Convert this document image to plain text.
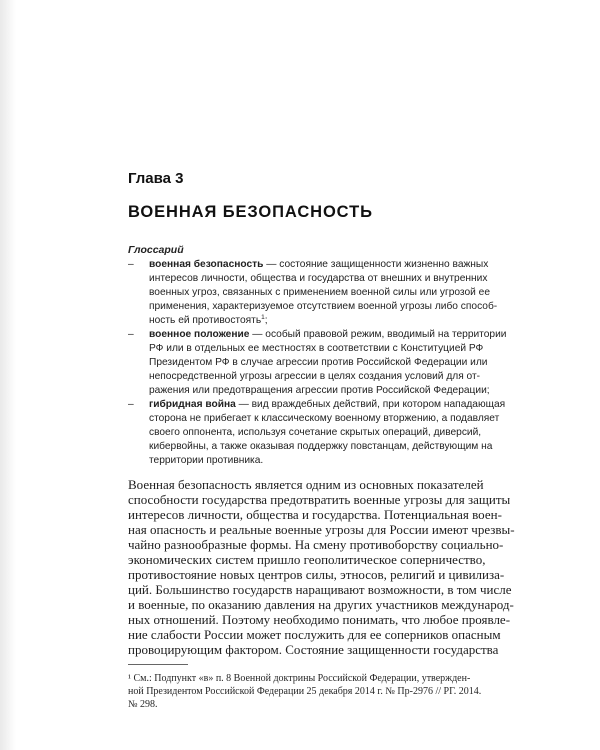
Глава 3
ВОЕННАЯ БЕЗОПАСНОСТЬ
Глоссарий
– военная безопасность — состояние защищенности жизненно важных
интересов личности, общества и государства от внешних и внутренних
военных угроз, связанных с применением военной силы или угрозой ее
применения, характеризуемое отсутствием военной угрозы либо способ-
ность ей противостоять$^1$;
– военное положение — особый правовой режим, вводимый на территории
РФ или в отдельных ее местностях в соответствии с Конституцией РФ
Президентом РФ в случае агрессии против Российской Федерации или
непосредственной угрозы агрессии в целях создания условий для от-
ражения или предотвращения агрессии против Российской Федерации;
– гибридная война — вид враждебных действий, при котором нападающая
сторона не прибегает к классическому военному вторжению, а подавляет
своего оппонента, используя сочетание скрытых операций, диверсий,
кибервойны, а также оказывая поддержку повстанцам, действующим на
территории противника.
Военная безопасность является одним из основных показателей
способности государства предотвратить военные угрозы для защиты
интересов личности, общества и государства. Потенциальная воен-
ная опасность и реальные военные угрозы для России имеют чрезвы-
чайно разнообразные формы. На смену противоборству социально-
экономических систем пришло геополитическое соперничество,
противостояние новых центров силы, этносов, религий и цивилиза-
ций. Большинство государств наращивают возможности, в том числе
и военные, по оказанию давления на других участников международ-
ных отношений. Поэтому необходимо понимать, что любое проявле-
ние слабости России может послужить для ее соперников опасным
провоцирующим фактором. Состояние защищенности государства
¹ См.: Подпункт «в» п. 8 Военной доктрины Российской Федерации, утвержден-
ной Президентом Российской Федерации 25 декабря 2014 г. № Пр-2976 // РГ. 2014.
№ 298.
